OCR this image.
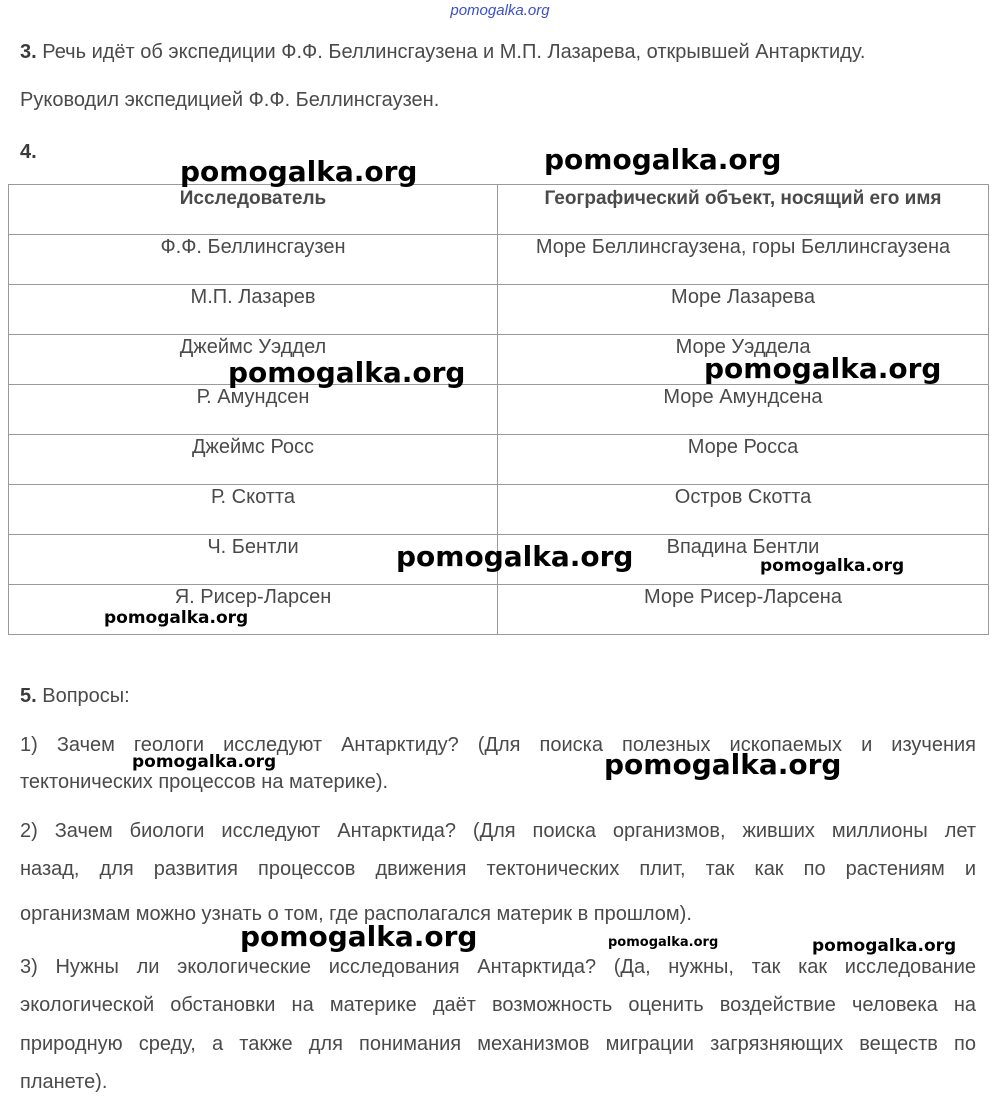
pomogalka.org
3. Речь идёт об экспедиции Ф.Ф. Беллинсгаузена и М.П. Лазарева, открывшей Антарктиду.
Руководил экспедицией Ф.Ф. Беллинсгаузен.
4.
Исследователь	Географический объект, носящий его имя

Ф.Ф. Беллинсгаузен	Море Беллинсгаузена, горы Беллинсгаузена

М.П. Лазарев	Море Лазарева

Джеймс Уэддел	Море Уэддела

Р. Амундсен	Море Амундсена

Джеймс Росс	Море Росса

Р. Скотта	Остров Скотта

Ч. Бентли	Впадина Бентли

Я. Рисер-Ларсен	Море Рисер-Ларсена
5. Вопросы:
1) Зачем геологи исследуют Антарктиду? (Для поиска полезных ископаемых и изучения
тектонических процессов на материке).
2) Зачем биологи исследуют Антарктида? (Для поиска организмов, живших миллионы лет
назад, для развития процессов движения тектонических плит, так как по растениям и
организмам можно узнать о том, где располагался материк в прошлом).
3) Нужны ли экологические исследования Антарктида? (Да, нужны, так как исследование
экологической обстановки на материке даёт возможность оценить воздействие человека на
природную среду, а также для понимания механизмов миграции загрязняющих веществ по
планете).
pomogalka.org	pomogalka.org
pomogalka.org	pomogalka.org
pomogalka.org	pomogalka.org
pomogalka.org
pomogalka.org	pomogalka.org
pomogalka.org	pomogalka.org	pomogalka.org
